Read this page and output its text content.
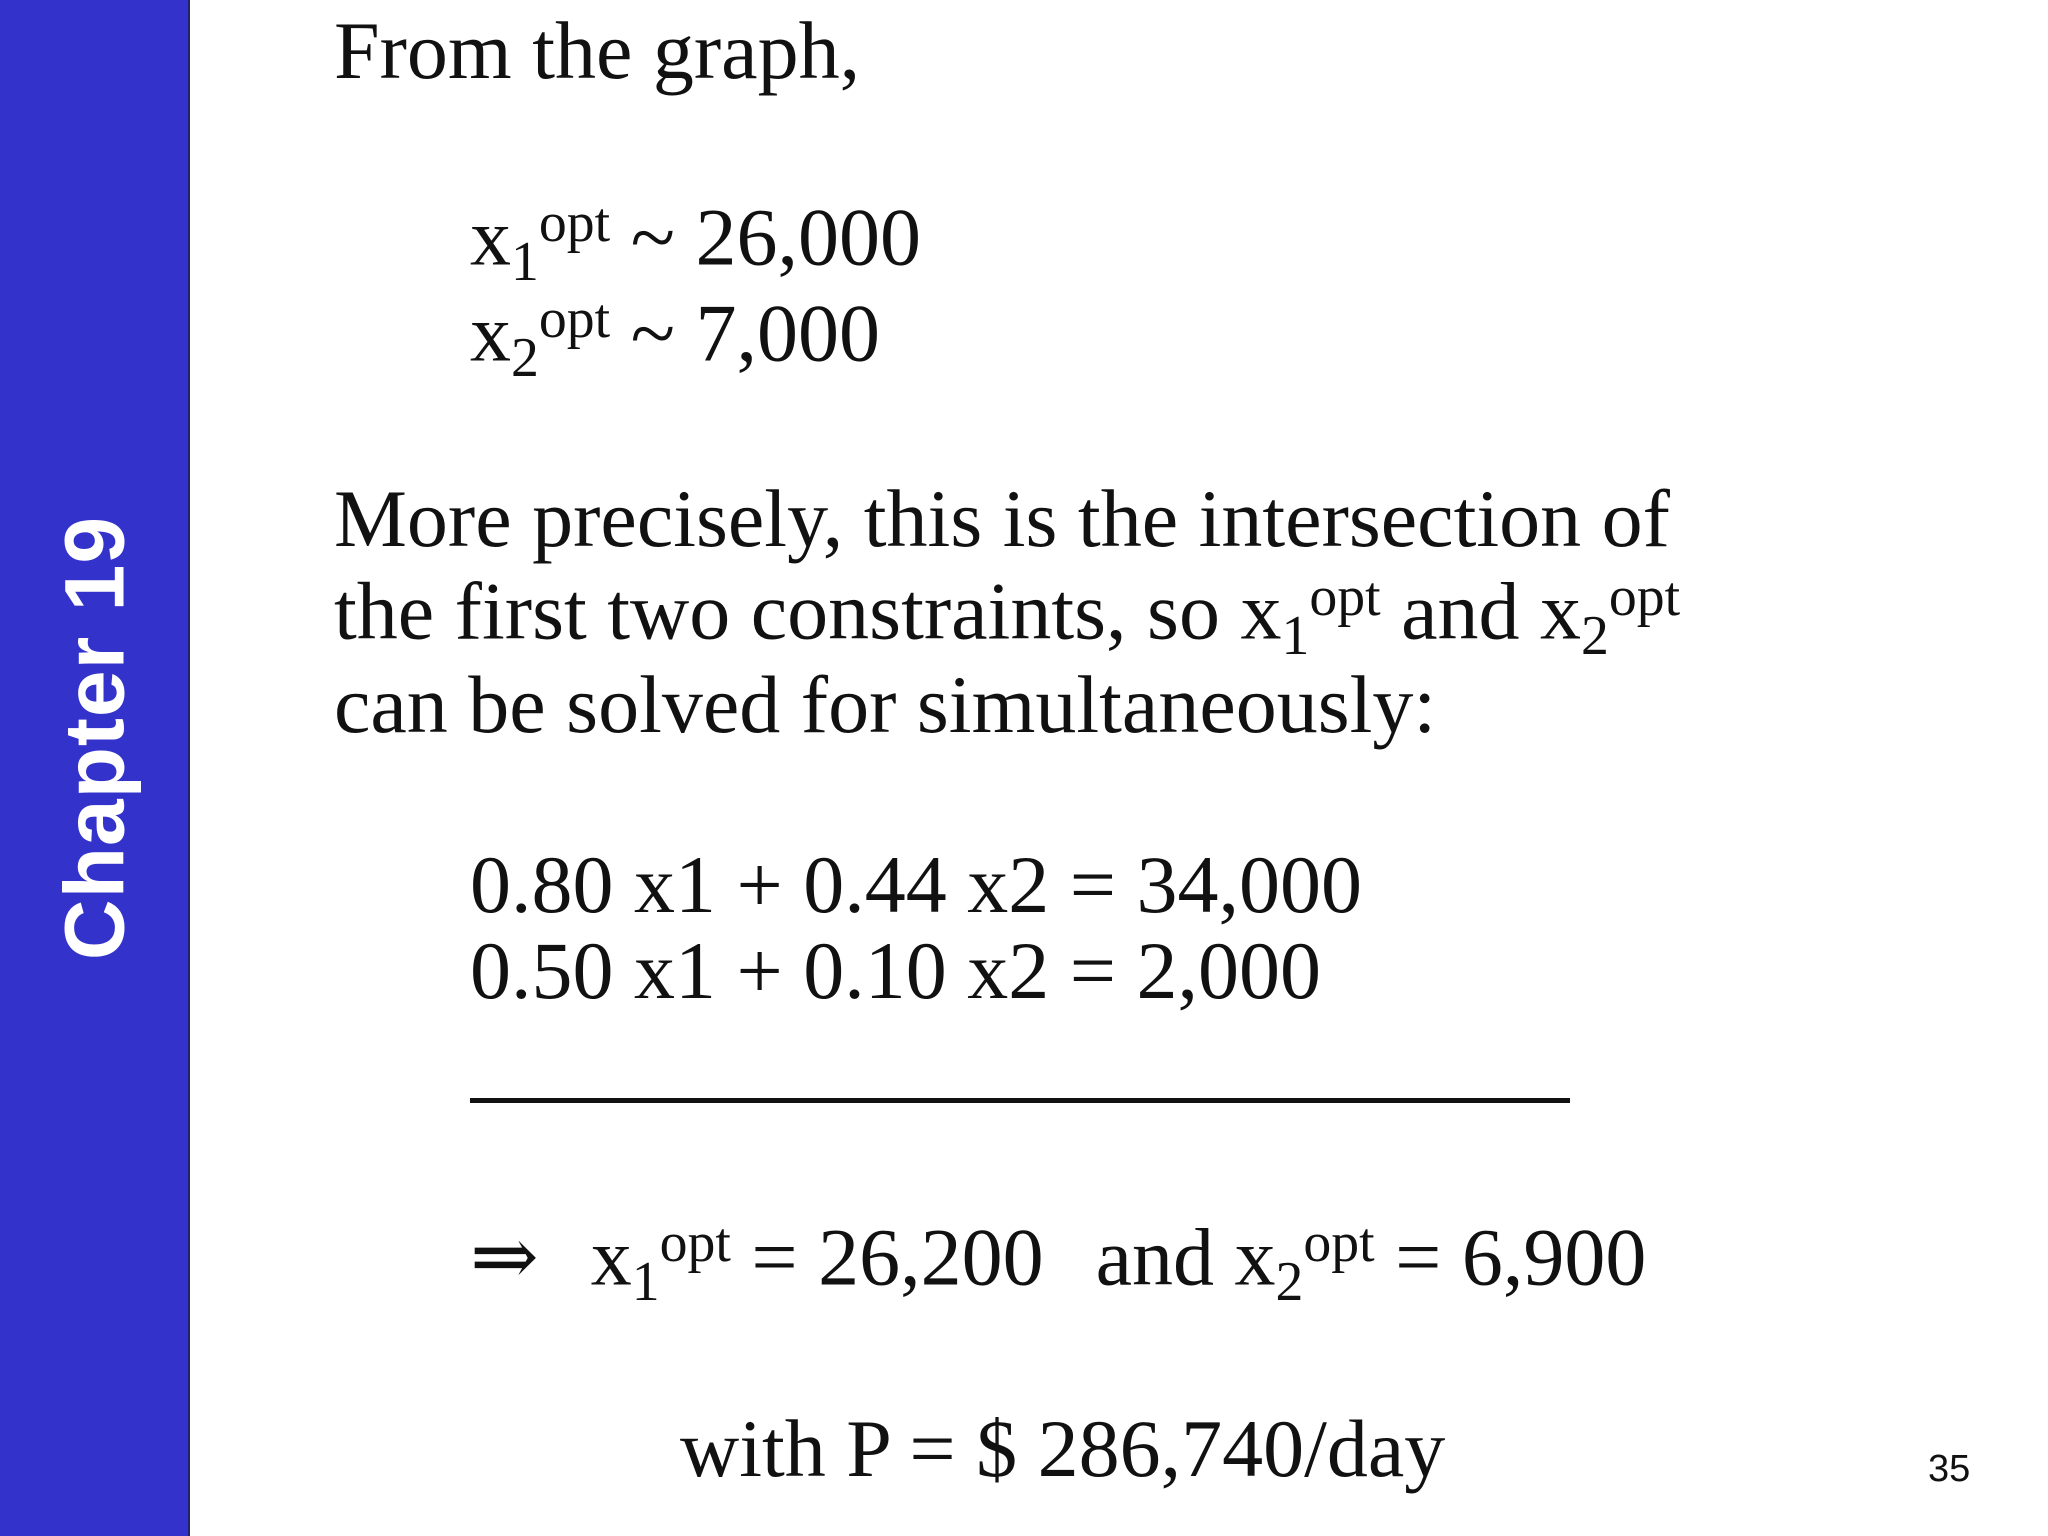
Chapter 19
From the graph,
$x_1^{opt}$ ~ 26,000
$x_2^{opt}$ ~ 7,000
More precisely, this is the intersection of
the first two constraints, so $x_1^{opt}$ and $x_2^{opt}$
can be solved for simultaneously:
0.80 x1 + 0.44 x2 = 34,000
0.50 x1 + 0.10 x2 = 2,000
⇒ $x_1^{opt} = 26,200$ and $x_2^{opt} = 6,900$
with P = $ 286,740/day	35
